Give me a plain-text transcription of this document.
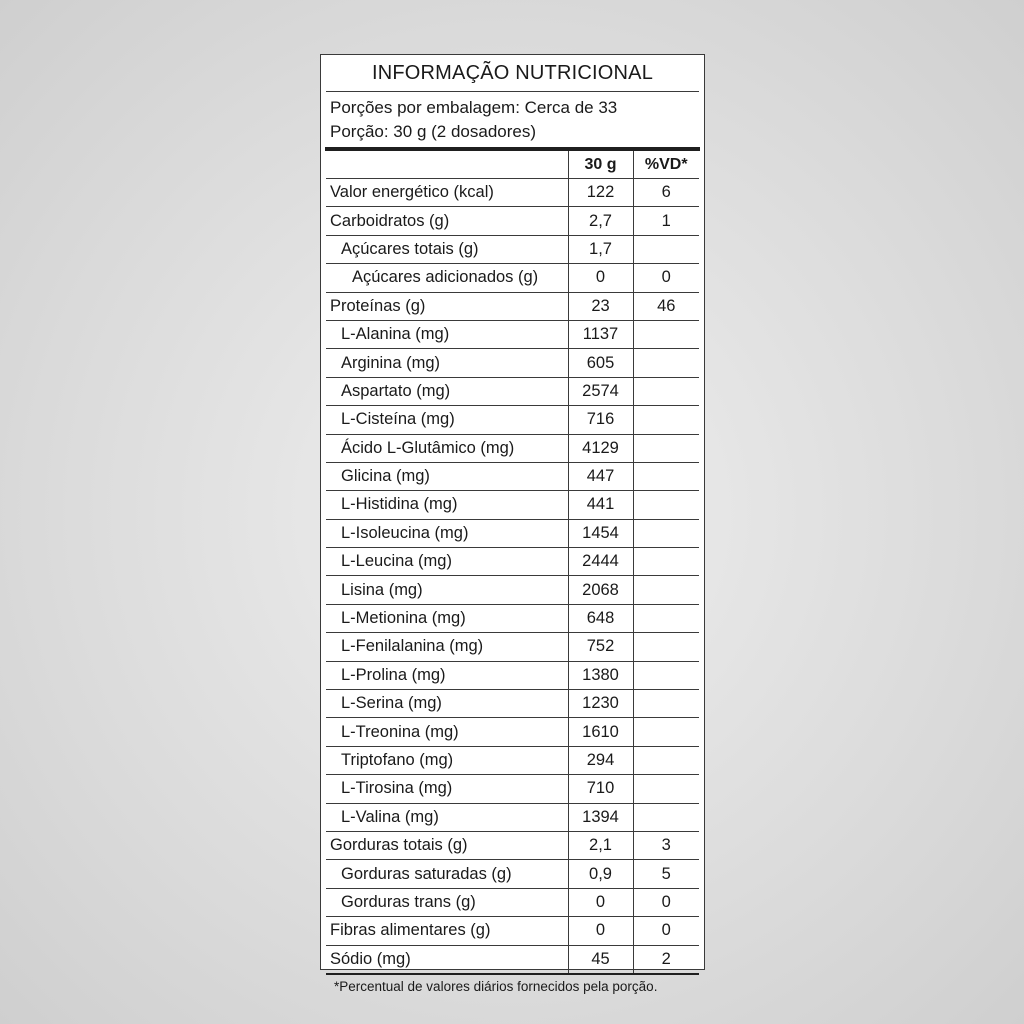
INFORMAÇÃO NUTRICIONAL
Porções por embalagem: Cerca de 33
Porção: 30 g (2 dosadores)
	30 g	%VD*
Valor energético (kcal)	122	6
Carboidratos (g)	2,7	1
Açúcares totais (g)	1,7	
Açúcares adicionados (g)	0	0
Proteínas (g)	23	46
L-Alanina (mg)	1137	
Arginina (mg)	605	
Aspartato (mg)	2574	
L-Cisteína (mg)	716	
Ácido L-Glutâmico (mg)	4129	
Glicina (mg)	447	
L-Histidina (mg)	441	
L-Isoleucina (mg)	1454	
L-Leucina (mg)	2444	
Lisina (mg)	2068	
L-Metionina (mg)	648	
L-Fenilalanina (mg)	752	
L-Prolina (mg)	1380	
L-Serina (mg)	1230	
L-Treonina (mg)	1610	
Triptofano (mg)	294	
L-Tirosina (mg)	710	
L-Valina (mg)	1394	
Gorduras totais (g)	2,1	3
Gorduras saturadas (g)	0,9	5
Gorduras trans (g)	0	0
Fibras alimentares (g)	0	0
Sódio (mg)	45	2
*Percentual de valores diários fornecidos pela porção.
